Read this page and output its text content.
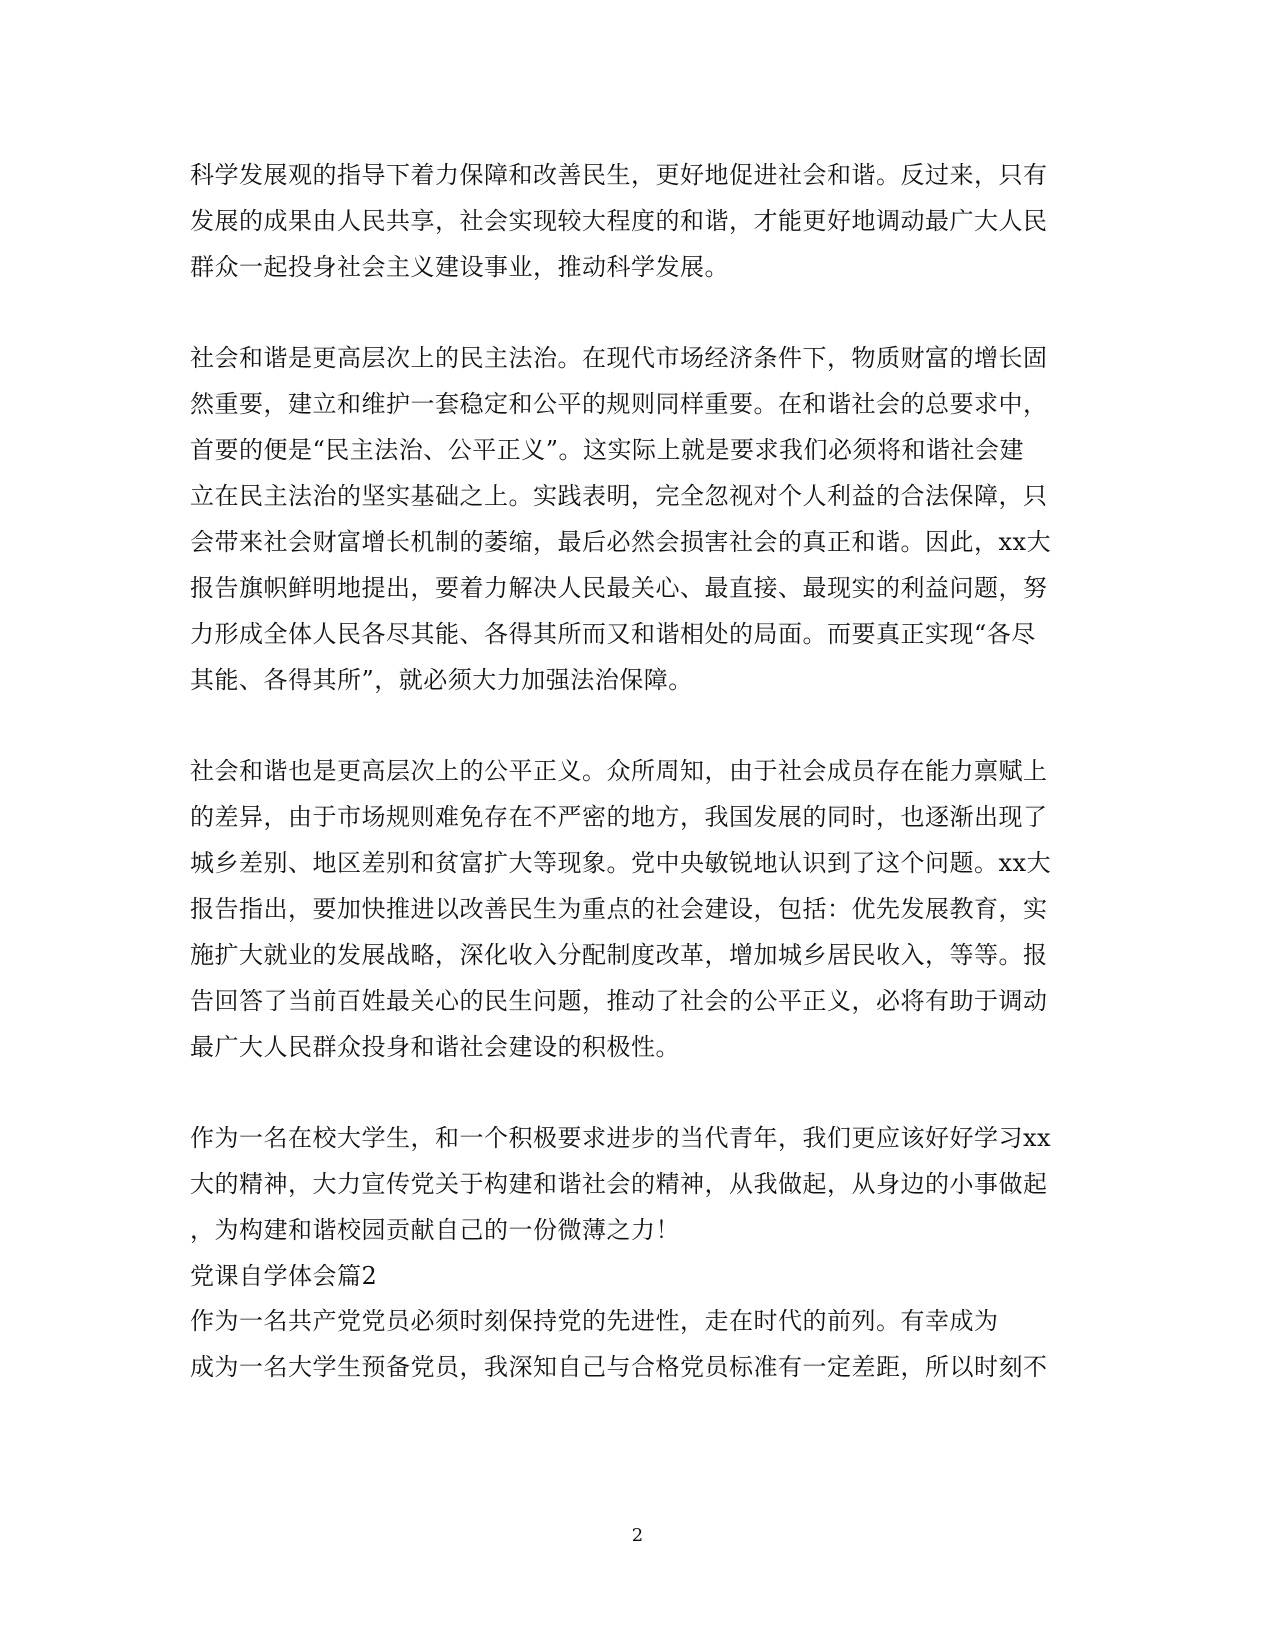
科学发展观的指导下着力保障和改善民生，更好地促进社会和谐。反过来，只有
发展的成果由人民共享，社会实现较大程度的和谐，才能更好地调动最广大人民
群众一起投身社会主义建设事业，推动科学发展。
社会和谐是更高层次上的民主法治。在现代市场经济条件下，物质财富的增长固
然重要，建立和维护一套稳定和公平的规则同样重要。在和谐社会的总要求中，
首要的便是“民主法治、公平正义”。这实际上就是要求我们必须将和谐社会建
立在民主法治的坚实基础之上。实践表明，完全忽视对个人利益的合法保障，只
会带来社会财富增长机制的萎缩，最后必然会损害社会的真正和谐。因此，xx大
报告旗帜鲜明地提出，要着力解决人民最关心、最直接、最现实的利益问题，努
力形成全体人民各尽其能、各得其所而又和谐相处的局面。而要真正实现“各尽
其能、各得其所”，就必须大力加强法治保障。
社会和谐也是更高层次上的公平正义。众所周知，由于社会成员存在能力禀赋上
的差异，由于市场规则难免存在不严密的地方，我国发展的同时，也逐渐出现了
城乡差别、地区差别和贫富扩大等现象。党中央敏锐地认识到了这个问题。xx大
报告指出，要加快推进以改善民生为重点的社会建设，包括：优先发展教育，实
施扩大就业的发展战略，深化收入分配制度改革，增加城乡居民收入，等等。报
告回答了当前百姓最关心的民生问题，推动了社会的公平正义，必将有助于调动
最广大人民群众投身和谐社会建设的积极性。
作为一名在校大学生，和一个积极要求进步的当代青年，我们更应该好好学习xx
大的精神，大力宣传党关于构建和谐社会的精神，从我做起，从身边的小事做起
，为构建和谐校园贡献自己的一份微薄之力！
党课自学体会篇2
作为一名共产党党员必须时刻保持党的先进性，走在时代的前列。有幸成为
成为一名大学生预备党员，我深知自己与合格党员标准有一定差距，所以时刻不
2
